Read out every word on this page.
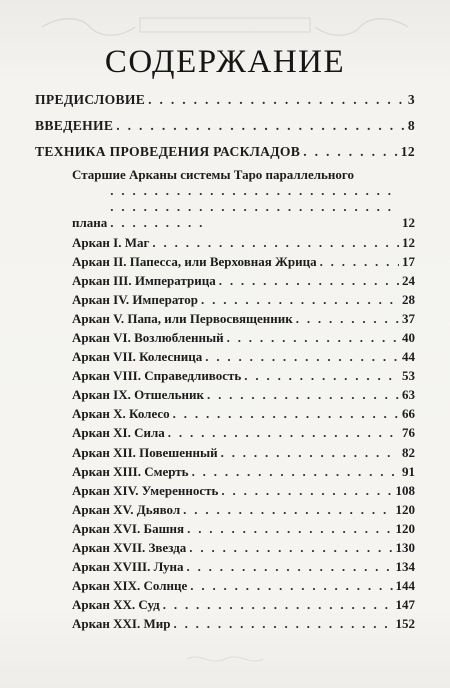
СОДЕРЖАНИЕ
ПРЕДИСЛОВИЕ . . .	3
ВВЕДЕНИЕ . . .	8
ТЕХНИКА ПРОВЕДЕНИЯ РАСКЛАДОВ . . .	12
Старшие Арканы системы Таро параллельного
плана . . .	12
Аркан I. Маг . . .	12
Аркан II. Папесса, или Верховная Жрица . . .	17
Аркан III. Императрица . . .	24
Аркан IV. Император . . .	28
Аркан V. Папа, или Первосвященник . . .	37
Аркан VI. Возлюбленный . . .	40
Аркан VII. Колесница . . .	44
Аркан VIII. Справедливость . . .	53
Аркан IX. Отшельник . . .	63
Аркан X. Колесо . . .	66
Аркан XI. Сила . . .	76
Аркан XII. Повешенный . . .	82
Аркан XIII. Смерть . . .	91
Аркан XIV. Умеренность . . .	108
Аркан XV. Дьявол . . .	120
Аркан XVI. Башня . . .	120
Аркан XVII. Звезда . . .	130
Аркан XVIII. Луна . . .	134
Аркан XIX. Солнце . . .	144
Аркан XX. Суд . . .	147
Аркан XXI. Мир . . .	152
